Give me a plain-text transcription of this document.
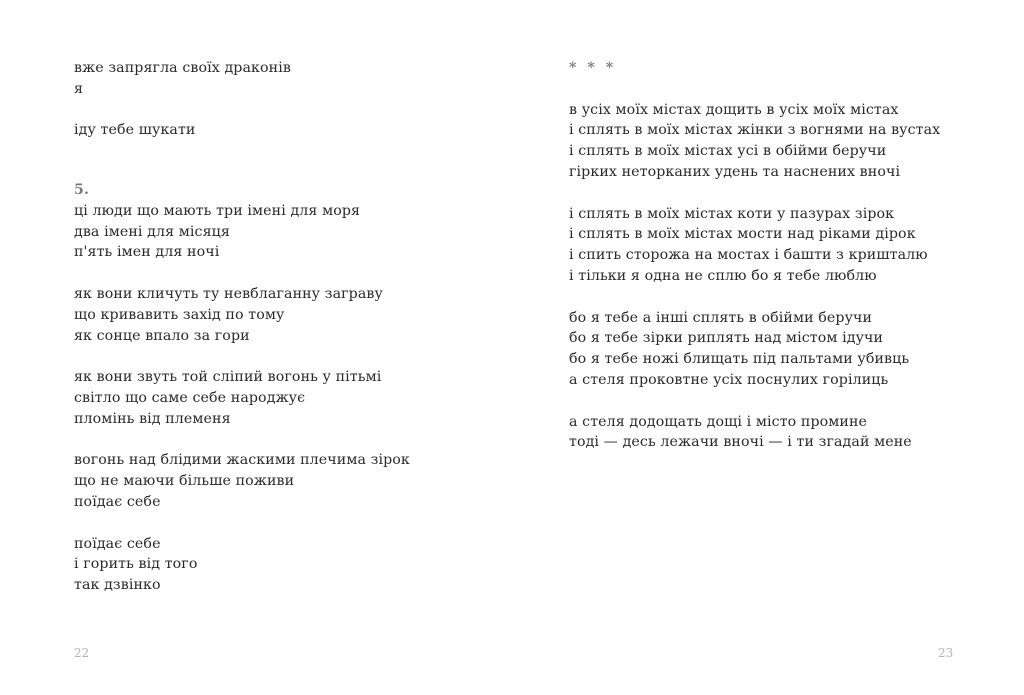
вже запрягла своїх драконів
я
іду тебе шукати
5.
ці люди що мають три імені для моря
два імені для місяця
п'ять імен для ночі
як вони кличуть ту невблаганну заграву
що кривавить захід по тому
як сонце впало за гори
як вони звуть той сліпий вогонь у пітьмі
світло що саме себе народжує
пломінь від племеня
вогонь над блідими жаскими плечима зірок
що не маючи більше поживи
поїдає себе
поїдає себе
і горить від того
так дзвінко
22
* * *
в усіх моїх містах дощить в усіх моїх містах
і сплять в моїх містах жінки з вогнями на вустах
і сплять в моїх містах усі в обійми беручи
гірких неторканих удень та наснених вночі
і сплять в моїх містах коти у пазурах зірок
і сплять в моїх містах мости над ріками дірок
і спить сторожа на мостах і башти з кришталю
і тільки я одна не сплю бо я тебе люблю
бо я тебе а інші сплять в обійми беручи
бо я тебе зірки риплять над містом ідучи
бо я тебе ножі блищать під пальтами убивць
а стеля проковтне усіх поснулих горілиць
а стеля додощать дощі і місто промине
тоді — десь лежачи вночі — і ти згадай мене
23
